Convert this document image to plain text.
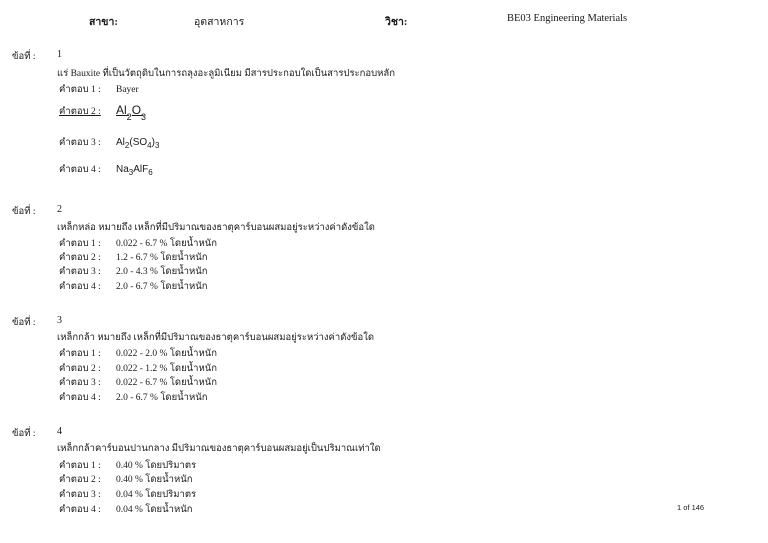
สาขา:	อุตสาหการ	วิชา:	BE03 Engineering Materials
ข้อที่ : 1
แร่ Bauxite ที่เป็นวัตถุดิบในการถลุงอะลูมิเนียม มีสารประกอบใดเป็นสารประกอบหลัก
คำตอบ 1 : Bayer
คำตอบ 2 : $Al_2O_3$
คำตอบ 3 : $Al_2(SO_4)_3$
คำตอบ 4 : $Na_3AlF_6$
ข้อที่ : 2
เหล็กหล่อ หมายถึง เหล็กที่มีปริมาณของธาตุคาร์บอนผสมอยู่ระหว่างค่าดังข้อใด
คำตอบ 1 : 0.022 - 6.7 % โดยน้ำหนัก
คำตอบ 2 : 1.2 - 6.7 % โดยน้ำหนัก
คำตอบ 3 : 2.0 - 4.3 % โดยน้ำหนัก
คำตอบ 4 : 2.0 - 6.7 % โดยน้ำหนัก
ข้อที่ : 3
เหล็กกล้า หมายถึง เหล็กที่มีปริมาณของธาตุคาร์บอนผสมอยู่ระหว่างค่าดังข้อใด
คำตอบ 1 : 0.022 - 2.0 % โดยน้ำหนัก
คำตอบ 2 : 0.022 - 1.2 % โดยน้ำหนัก
คำตอบ 3 : 0.022 - 6.7 % โดยน้ำหนัก
คำตอบ 4 : 2.0 - 6.7 % โดยน้ำหนัก
ข้อที่ : 4
เหล็กกล้าคาร์บอนปานกลาง มีปริมาณของธาตุคาร์บอนผสมอยู่เป็นปริมาณเท่าใด
คำตอบ 1 : 0.40 % โดยปริมาตร
คำตอบ 2 : 0.40 % โดยน้ำหนัก
คำตอบ 3 : 0.04 % โดยปริมาตร
คำตอบ 4 : 0.04 % โดยน้ำหนัก	1 of 146
